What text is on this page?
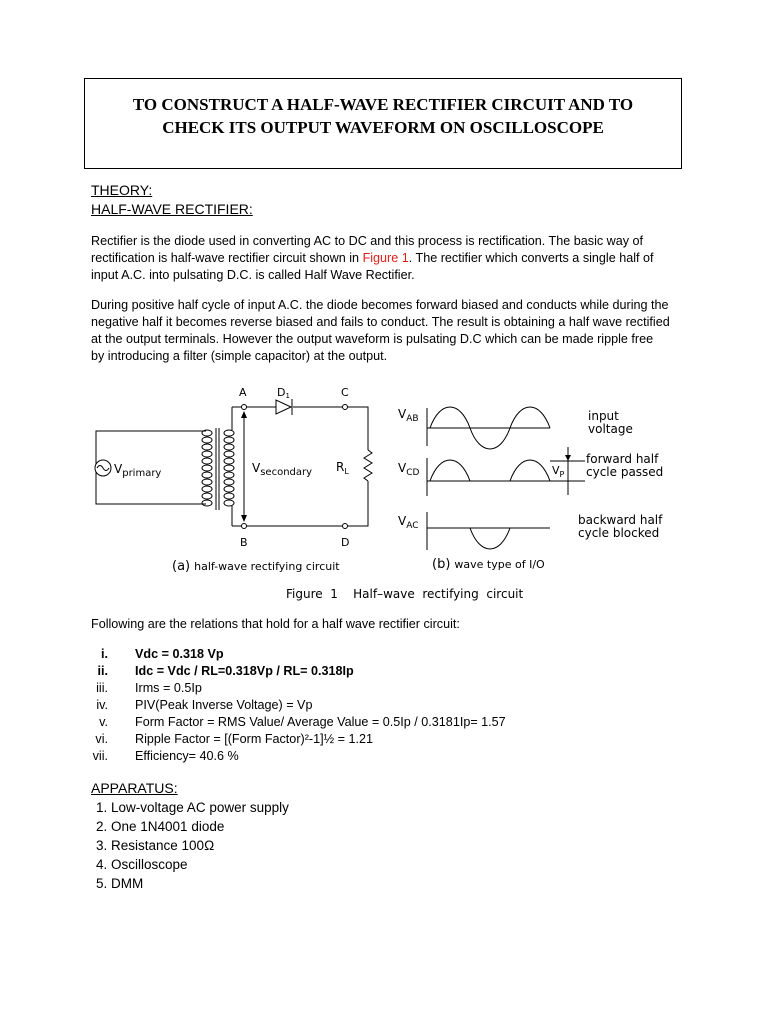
TO CONSTRUCT A HALF-WAVE RECTIFIER CIRCUIT AND TO
CHECK ITS OUTPUT WAVEFORM ON OSCILLOSCOPE
THEORY:
HALF-WAVE RECTIFIER:
Rectifier is the diode used in converting AC to DC and this process is rectification. The basic way of
rectification is half-wave rectifier circuit shown in Figure 1. The rectifier which converts a single half of
input A.C. into pulsating D.C. is called Half Wave Rectifier.
During positive half cycle of input A.C. the diode becomes forward biased and conducts while during the
negative half it becomes reverse biased and fails to conduct. The result is obtaining a half wave rectified
at the output terminals. However the output waveform is pulsating D.C which can be made ripple free
by introducing a filter (simple capacitor) at the output.
A
B
C
D
D1
$V_{primary}$	$V_{secondary}$ $R_L$
$V_{AB}$
$V_{CD}$
$V_{AC}$
$V_P$
input
voltage
forward half
cycle passed
backward half
cycle blocked
(a) half-wave rectifying circuit	(b) wave type of I/O
Figure  1    Half–wave  rectifying  circuit
Following are the relations that hold for a half wave rectifier circuit:
i. Vdc = 0.318 Vp
ii. Idc = Vdc / RL=0.318Vp / RL= 0.318Ip
iii. Irms = 0.5Ip
iv. PIV(Peak Inverse Voltage) = Vp
v. Form Factor = RMS Value/ Average Value = 0.5Ip / 0.3181Ip= 1.57
vi. Ripple Factor = [(Form Factor)²-1]½ = 1.21
vii. Efficiency= 40.6 %
APPARATUS:
1. Low-voltage AC power supply
2. One 1N4001 diode
3. Resistance 100Ω
4. Oscilloscope
5. DMM
